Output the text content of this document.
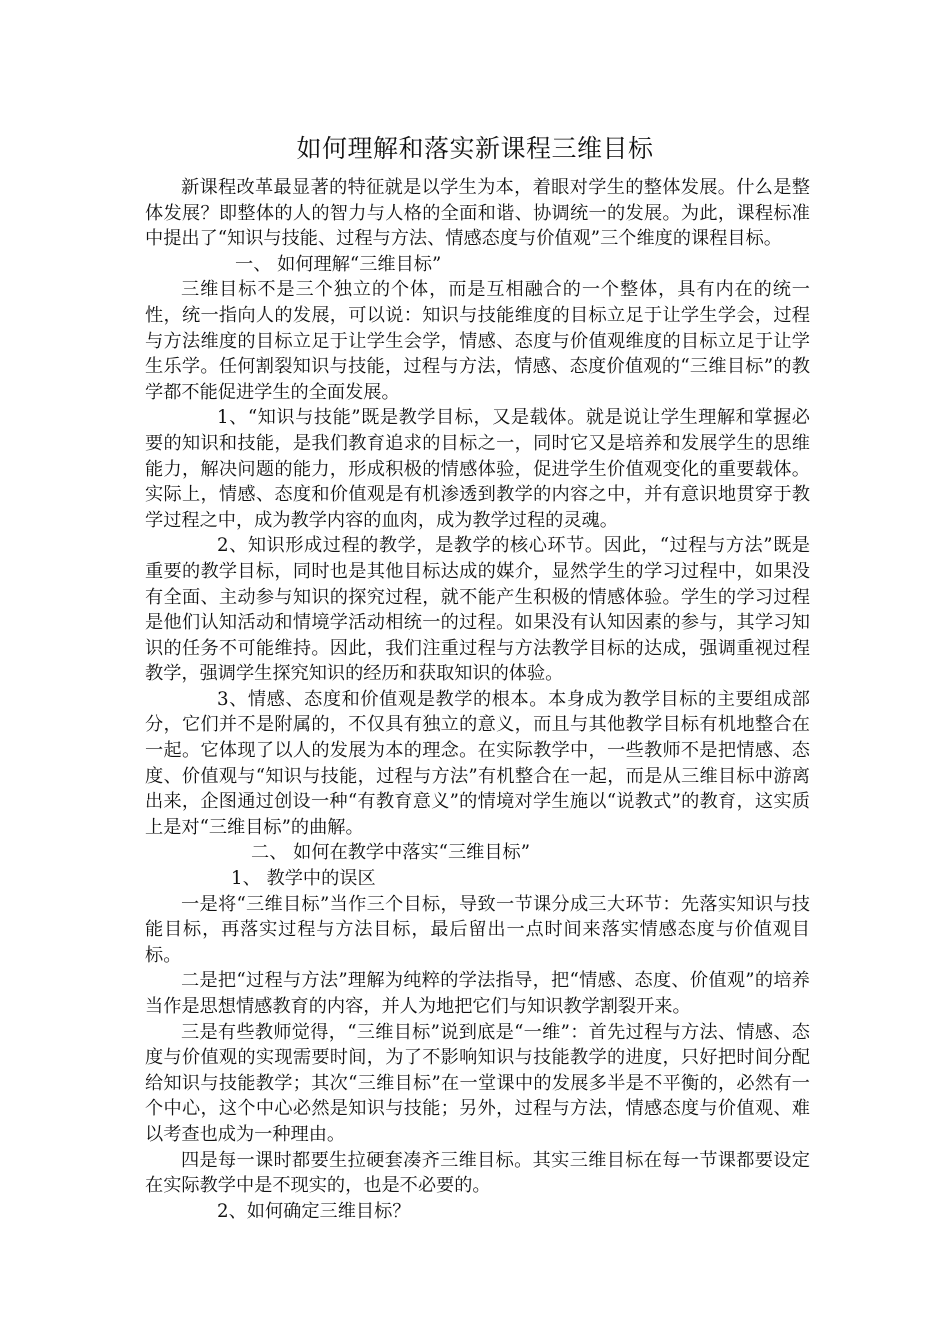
如何理解和落实新课程三维目标

新课程改革最显著的特征就是以学生为本，着眼对学生的整体发展。什么是整体发展？即整体的人的智力与人格的全面和谐、协调统一的发展。为此，课程标准中提出了“知识与技能、过程与方法、情感态度与价值观”三个维度的课程目标。

一、 如何理解“三维目标”

三维目标不是三个独立的个体，而是互相融合的一个整体，具有内在的统一性，统一指向人的发展，可以说：知识与技能维度的目标立足于让学生学会，过程与方法维度的目标立足于让学生会学，情感、态度与价值观维度的目标立足于让学生乐学。任何割裂知识与技能，过程与方法，情感、态度价值观的“三维目标”的教学都不能促进学生的全面发展。

1、“知识与技能”既是教学目标，又是载体。就是说让学生理解和掌握必要的知识和技能，是我们教育追求的目标之一，同时它又是培养和发展学生的思维能力，解决问题的能力，形成积极的情感体验，促进学生价值观变化的重要载体。实际上，情感、态度和价值观是有机渗透到教学的内容之中，并有意识地贯穿于教学过程之中，成为教学内容的血肉，成为教学过程的灵魂。

2、知识形成过程的教学，是教学的核心环节。因此，“过程与方法”既是重要的教学目标，同时也是其他目标达成的媒介，显然学生的学习过程中，如果没有全面、主动参与知识的探究过程，就不能产生积极的情感体验。学生的学习过程是他们认知活动和情境学活动相统一的过程。如果没有认知因素的参与，其学习知识的任务不可能维持。因此，我们注重过程与方法教学目标的达成，强调重视过程教学，强调学生探究知识的经历和获取知识的体验。

3、情感、态度和价值观是教学的根本。本身成为教学目标的主要组成部分，它们并不是附属的，不仅具有独立的意义，而且与其他教学目标有机地整合在一起。它体现了以人的发展为本的理念。在实际教学中，一些教师不是把情感、态度、价值观与“知识与技能，过程与方法”有机整合在一起，而是从三维目标中游离出来，企图通过创设一种“有教育意义”的情境对学生施以“说教式”的教育，这实质上是对“三维目标”的曲解。

二、 如何在教学中落实“三维目标”

1、 教学中的误区

一是将“三维目标”当作三个目标，导致一节课分成三大环节：先落实知识与技能目标，再落实过程与方法目标，最后留出一点时间来落实情感态度与价值观目标。

二是把“过程与方法”理解为纯粹的学法指导，把“情感、态度、价值观”的培养当作是思想情感教育的内容，并人为地把它们与知识教学割裂开来。

三是有些教师觉得，“三维目标”说到底是“一维”：首先过程与方法、情感、态度与价值观的实现需要时间，为了不影响知识与技能教学的进度，只好把时间分配给知识与技能教学；其次“三维目标”在一堂课中的发展多半是不平衡的，必然有一个中心，这个中心必然是知识与技能；另外，过程与方法，情感态度与价值观、难以考查也成为一种理由。

四是每一课时都要生拉硬套凑齐三维目标。其实三维目标在每一节课都要设定在实际教学中是不现实的，也是不必要的。

2、如何确定三维目标？
